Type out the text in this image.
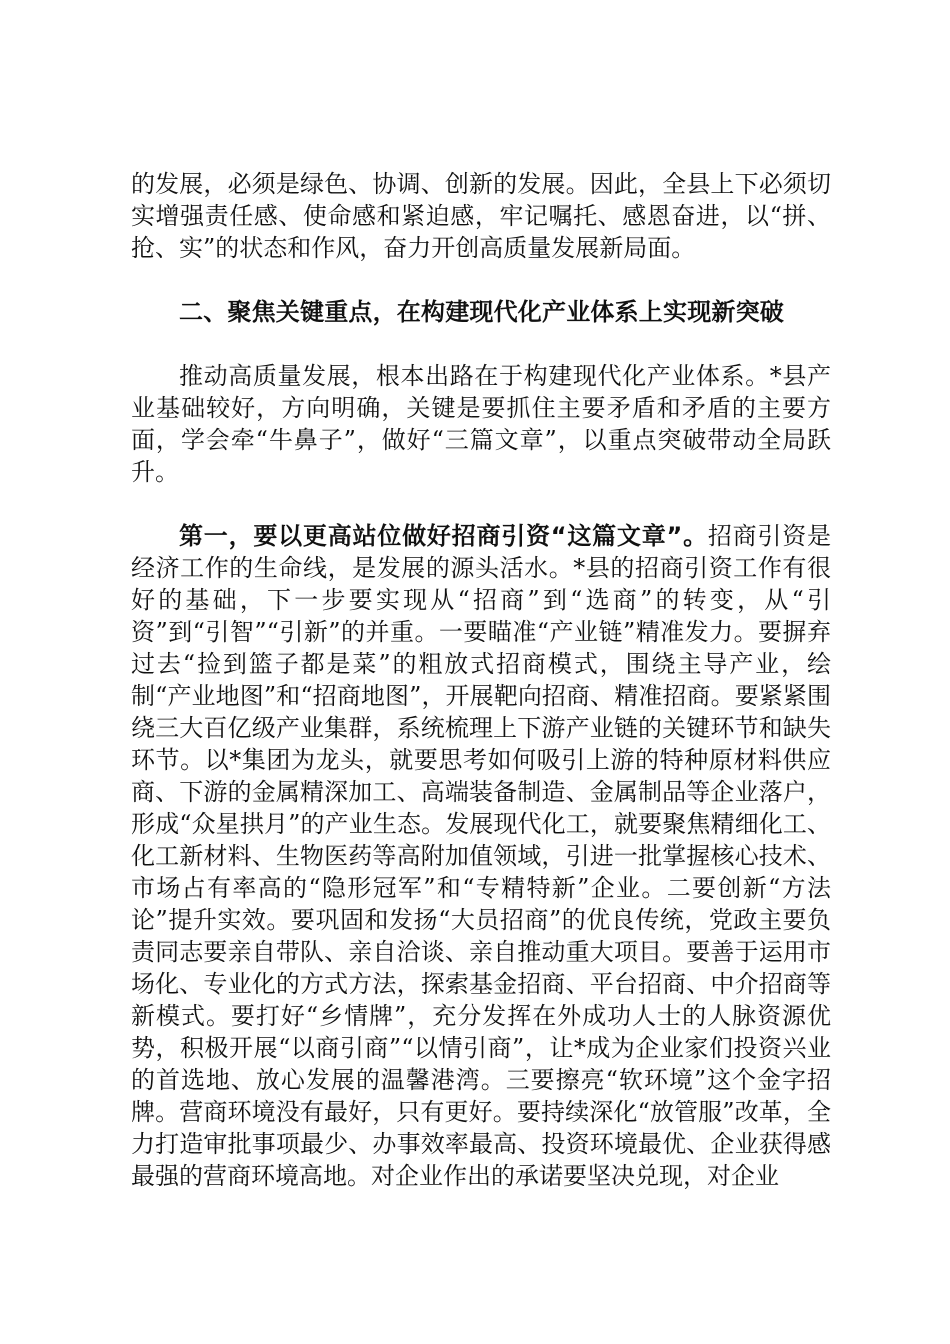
的发展，必须是绿色、协调、创新的发展。因此，全县上下必须切实增强责任感、使命感和紧迫感，牢记嘱托、感恩奋进，以“拼、抢、实”的状态和作风，奋力开创高质量发展新局面。

二、聚焦关键重点，在构建现代化产业体系上实现新突破

推动高质量发展，根本出路在于构建现代化产业体系。*县产业基础较好，方向明确，关键是要抓住主要矛盾和矛盾的主要方面，学会牵“牛鼻子”，做好“三篇文章”，以重点突破带动全局跃升。

第一，要以更高站位做好招商引资“这篇文章”。招商引资是经济工作的生命线，是发展的源头活水。*县的招商引资工作有很好的基础，下一步要实现从“招商”到“选商”的转变，从“引资”到“引智”“引新”的并重。一要瞄准“产业链”精准发力。要摒弃过去“捡到篮子都是菜”的粗放式招商模式，围绕主导产业，绘制“产业地图”和“招商地图”，开展靶向招商、精准招商。要紧紧围绕三大百亿级产业集群，系统梳理上下游产业链的关键环节和缺失环节。以*集团为龙头，就要思考如何吸引上游的特种原材料供应商、下游的金属精深加工、高端装备制造、金属制品等企业落户，形成“众星拱月”的产业生态。发展现代化工，就要聚焦精细化工、化工新材料、生物医药等高附加值领域，引进一批掌握核心技术、市场占有率高的“隐形冠军”和“专精特新”企业。二要创新“方法论”提升实效。要巩固和发扬“大员招商”的优良传统，党政主要负责同志要亲自带队、亲自洽谈、亲自推动重大项目。要善于运用市场化、专业化的方式方法，探索基金招商、平台招商、中介招商等新模式。要打好“乡情牌”，充分发挥在外成功人士的人脉资源优势，积极开展“以商引商”“以情引商”，让*成为企业家们投资兴业的首选地、放心发展的温馨港湾。三要擦亮“软环境”这个金字招牌。营商环境没有最好，只有更好。要持续深化“放管服”改革，全力打造审批事项最少、办事效率最高、投资环境最优、企业获得感最强的营商环境高地。对企业作出的承诺要坚决兑现，对企业
